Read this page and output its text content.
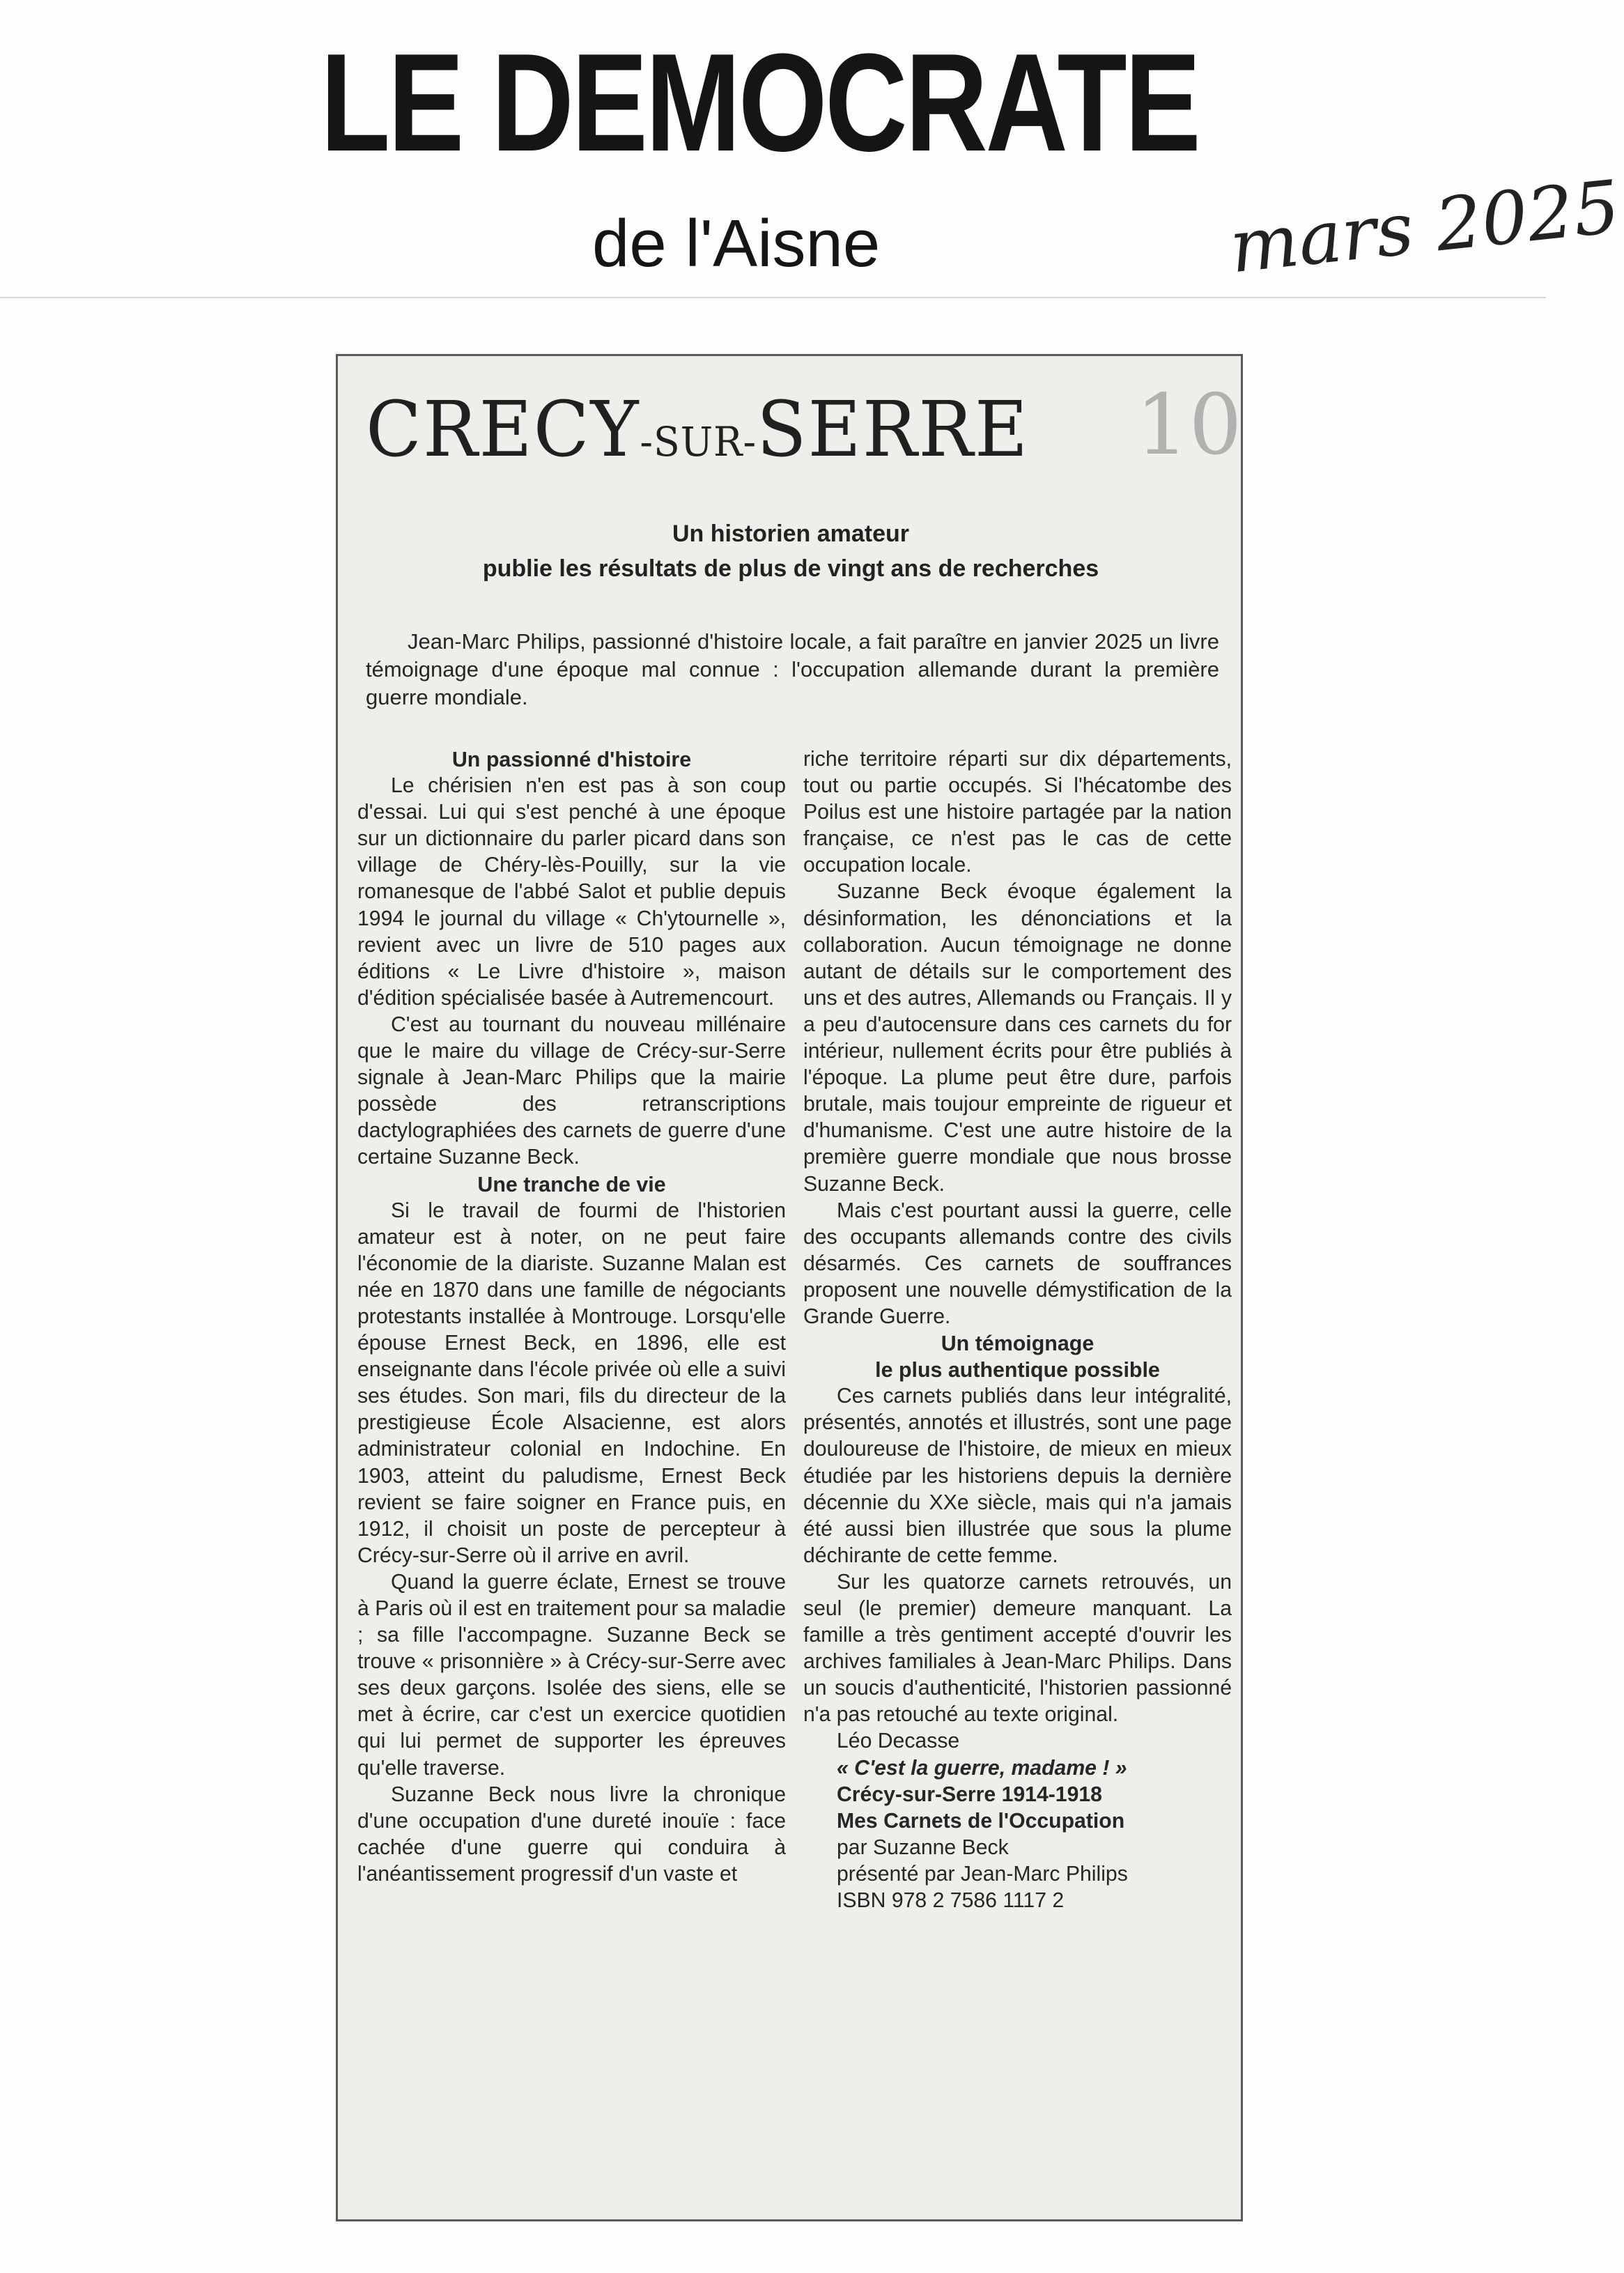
LE DEMOCRATE
de l'Aisne	mars 2025
10
CRECY-SUR-SERRE
Un historien amateur
publie les résultats de plus de vingt ans de recherches
Jean-Marc Philips, passionné d'histoire locale, a fait paraître en janvier 2025 un livre témoignage d'une époque mal connue : l'occupation allemande durant la première guerre mondiale.

Un passionné d'histoire

Le chérisien n'en est pas à son coup d'essai. Lui qui s'est penché à une époque sur un dictionnaire du parler picard dans son village de Chéry-lès-Pouilly, sur la vie romanesque de l'abbé Salot et publie depuis 1994 le journal du village « Ch'ytournelle », revient avec un livre de 510 pages aux éditions « Le Livre d'histoire », maison d'édition spécialisée basée à Autremencourt.

C'est au tournant du nouveau millénaire que le maire du village de Crécy-sur-Serre signale à Jean-Marc Philips que la mairie possède des retranscriptions dactylographiées des carnets de guerre d'une certaine Suzanne Beck.

Une tranche de vie

Si le travail de fourmi de l'historien amateur est à noter, on ne peut faire l'économie de la diariste. Suzanne Malan est née en 1870 dans une famille de négociants protestants installée à Montrouge. Lorsqu'elle épouse Ernest Beck, en 1896, elle est enseignante dans l'école privée où elle a suivi ses études. Son mari, fils du directeur de la prestigieuse École Alsacienne, est alors administrateur colonial en Indochine. En 1903, atteint du paludisme, Ernest Beck revient se faire soigner en France puis, en 1912, il choisit un poste de percepteur à Crécy-sur-Serre où il arrive en avril.

Quand la guerre éclate, Ernest se trouve à Paris où il est en traitement pour sa maladie ; sa fille l'accompagne. Suzanne Beck se trouve « prisonnière » à Crécy-sur-Serre avec ses deux garçons. Isolée des siens, elle se met à écrire, car c'est un exercice quotidien qui lui permet de supporter les épreuves qu'elle traverse.

Suzanne Beck nous livre la chronique d'une occupation d'une dureté inouïe : face cachée d'une guerre qui conduira à l'anéantissement progressif d'un vaste et

riche territoire réparti sur dix départements, tout ou partie occupés. Si l'hécatombe des Poilus est une histoire partagée par la nation française, ce n'est pas le cas de cette occupation locale.

Suzanne Beck évoque également la désinformation, les dénonciations et la collaboration. Aucun témoignage ne donne autant de détails sur le comportement des uns et des autres, Allemands ou Français. Il y a peu d'autocensure dans ces carnets du for intérieur, nullement écrits pour être publiés à l'époque. La plume peut être dure, parfois brutale, mais toujour empreinte de rigueur et d'humanisme. C'est une autre histoire de la première guerre mondiale que nous brosse Suzanne Beck.

Mais c'est pourtant aussi la guerre, celle des occupants allemands contre des civils désarmés. Ces carnets de souffrances proposent une nouvelle démystification de la Grande Guerre.

Un témoignage

le plus authentique possible

Ces carnets publiés dans leur intégralité, présentés, annotés et illustrés, sont une page douloureuse de l'histoire, de mieux en mieux étudiée par les historiens depuis la dernière décennie du XXe siècle, mais qui n'a jamais été aussi bien illustrée que sous la plume déchirante de cette femme.

Sur les quatorze carnets retrouvés, un seul (le premier) demeure manquant. La famille a très gentiment accepté d'ouvrir les archives familiales à Jean-Marc Philips. Dans un soucis d'authenticité, l'historien passionné n'a pas retouché au texte original.

Léo Decasse

« C'est la guerre, madame ! »

Crécy-sur-Serre 1914-1918

Mes Carnets de l'Occupation

par Suzanne Beck

présenté par Jean-Marc Philips

ISBN 978 2 7586 1117 2
